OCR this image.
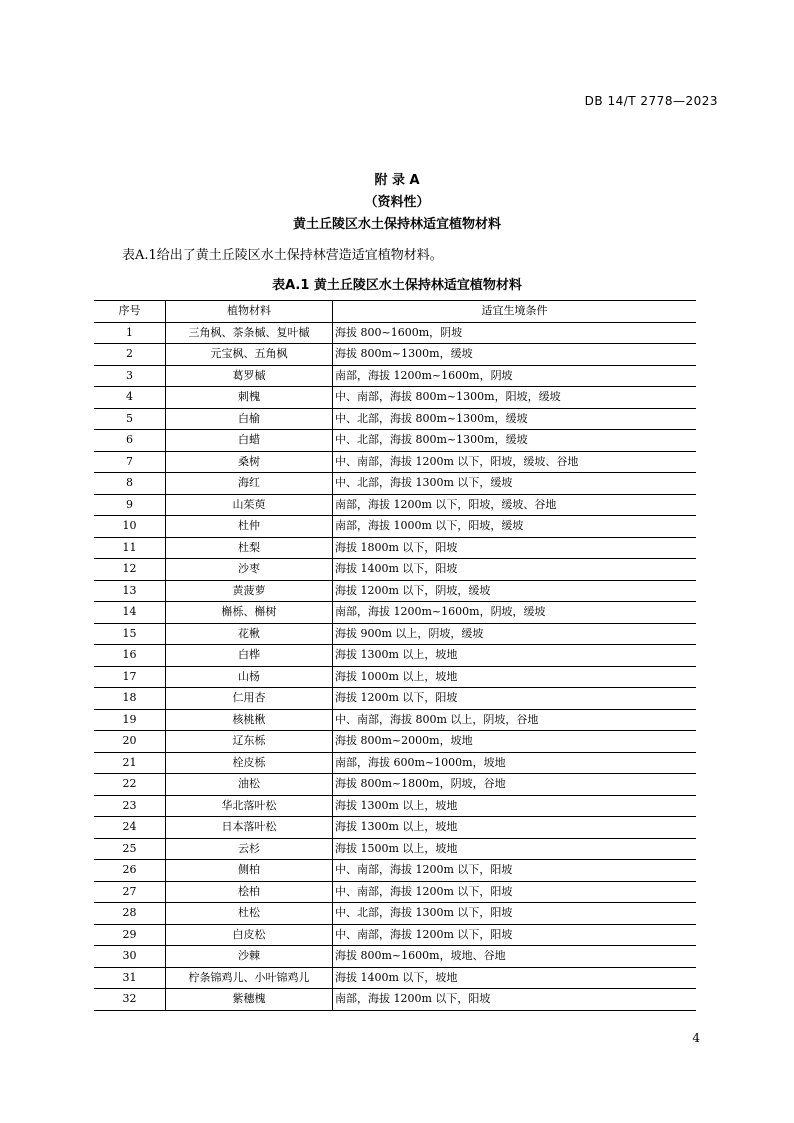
DB 14/T 2778—2023
附 录 A
（资料性）
黄土丘陵区水土保持林适宜植物材料
表A.1给出了黄土丘陵区水土保持林营造适宜植物材料。
表A.1 黄土丘陵区水土保持林适宜植物材料
序号	植物材料	适宜生境条件
1	三角枫、茶条槭、复叶槭	海拔 800~1600m，阴坡
2	元宝枫、五角枫	海拔 800m~1300m，缓坡
3	葛罗槭	南部，海拔 1200m~1600m，阴坡
4	刺槐	中、南部，海拔 800m~1300m，阳坡，缓坡
5	白榆	中、北部，海拔 800m~1300m，缓坡
6	白蜡	中、北部，海拔 800m~1300m，缓坡
7	桑树	中、南部，海拔 1200m 以下，阳坡，缓坡、谷地
8	海红	中、北部，海拔 1300m 以下，缓坡
9	山茱萸	南部，海拔 1200m 以下，阳坡，缓坡、谷地
10	杜仲	南部，海拔 1000m 以下，阳坡，缓坡
11	杜梨	海拔 1800m 以下，阳坡
12	沙枣	海拔 1400m 以下，阳坡
13	黄菠萝	海拔 1200m 以下，阴坡，缓坡
14	槲栎、槲树	南部，海拔 1200m~1600m，阴坡，缓坡
15	花楸	海拔 900m 以上，阴坡，缓坡
16	白桦	海拔 1300m 以上，坡地
17	山杨	海拔 1000m 以上，坡地
18	仁用杏	海拔 1200m 以下，阳坡
19	核桃楸	中、南部，海拔 800m 以上，阴坡，谷地
20	辽东栎	海拔 800m~2000m，坡地
21	栓皮栎	南部，海拔 600m~1000m，坡地
22	油松	海拔 800m~1800m，阴坡，谷地
23	华北落叶松	海拔 1300m 以上，坡地
24	日本落叶松	海拔 1300m 以上，坡地
25	云杉	海拔 1500m 以上，坡地
26	侧柏	中、南部，海拔 1200m 以下，阳坡
27	桧柏	中、南部，海拔 1200m 以下，阳坡
28	杜松	中、北部，海拔 1300m 以下，阳坡
29	白皮松	中、南部，海拔 1200m 以下，阳坡
30	沙棘	海拔 800m~1600m，坡地、谷地
31	柠条锦鸡儿、小叶锦鸡儿	海拔 1400m 以下，坡地
32	紫穗槐	南部，海拔 1200m 以下，阳坡
4
